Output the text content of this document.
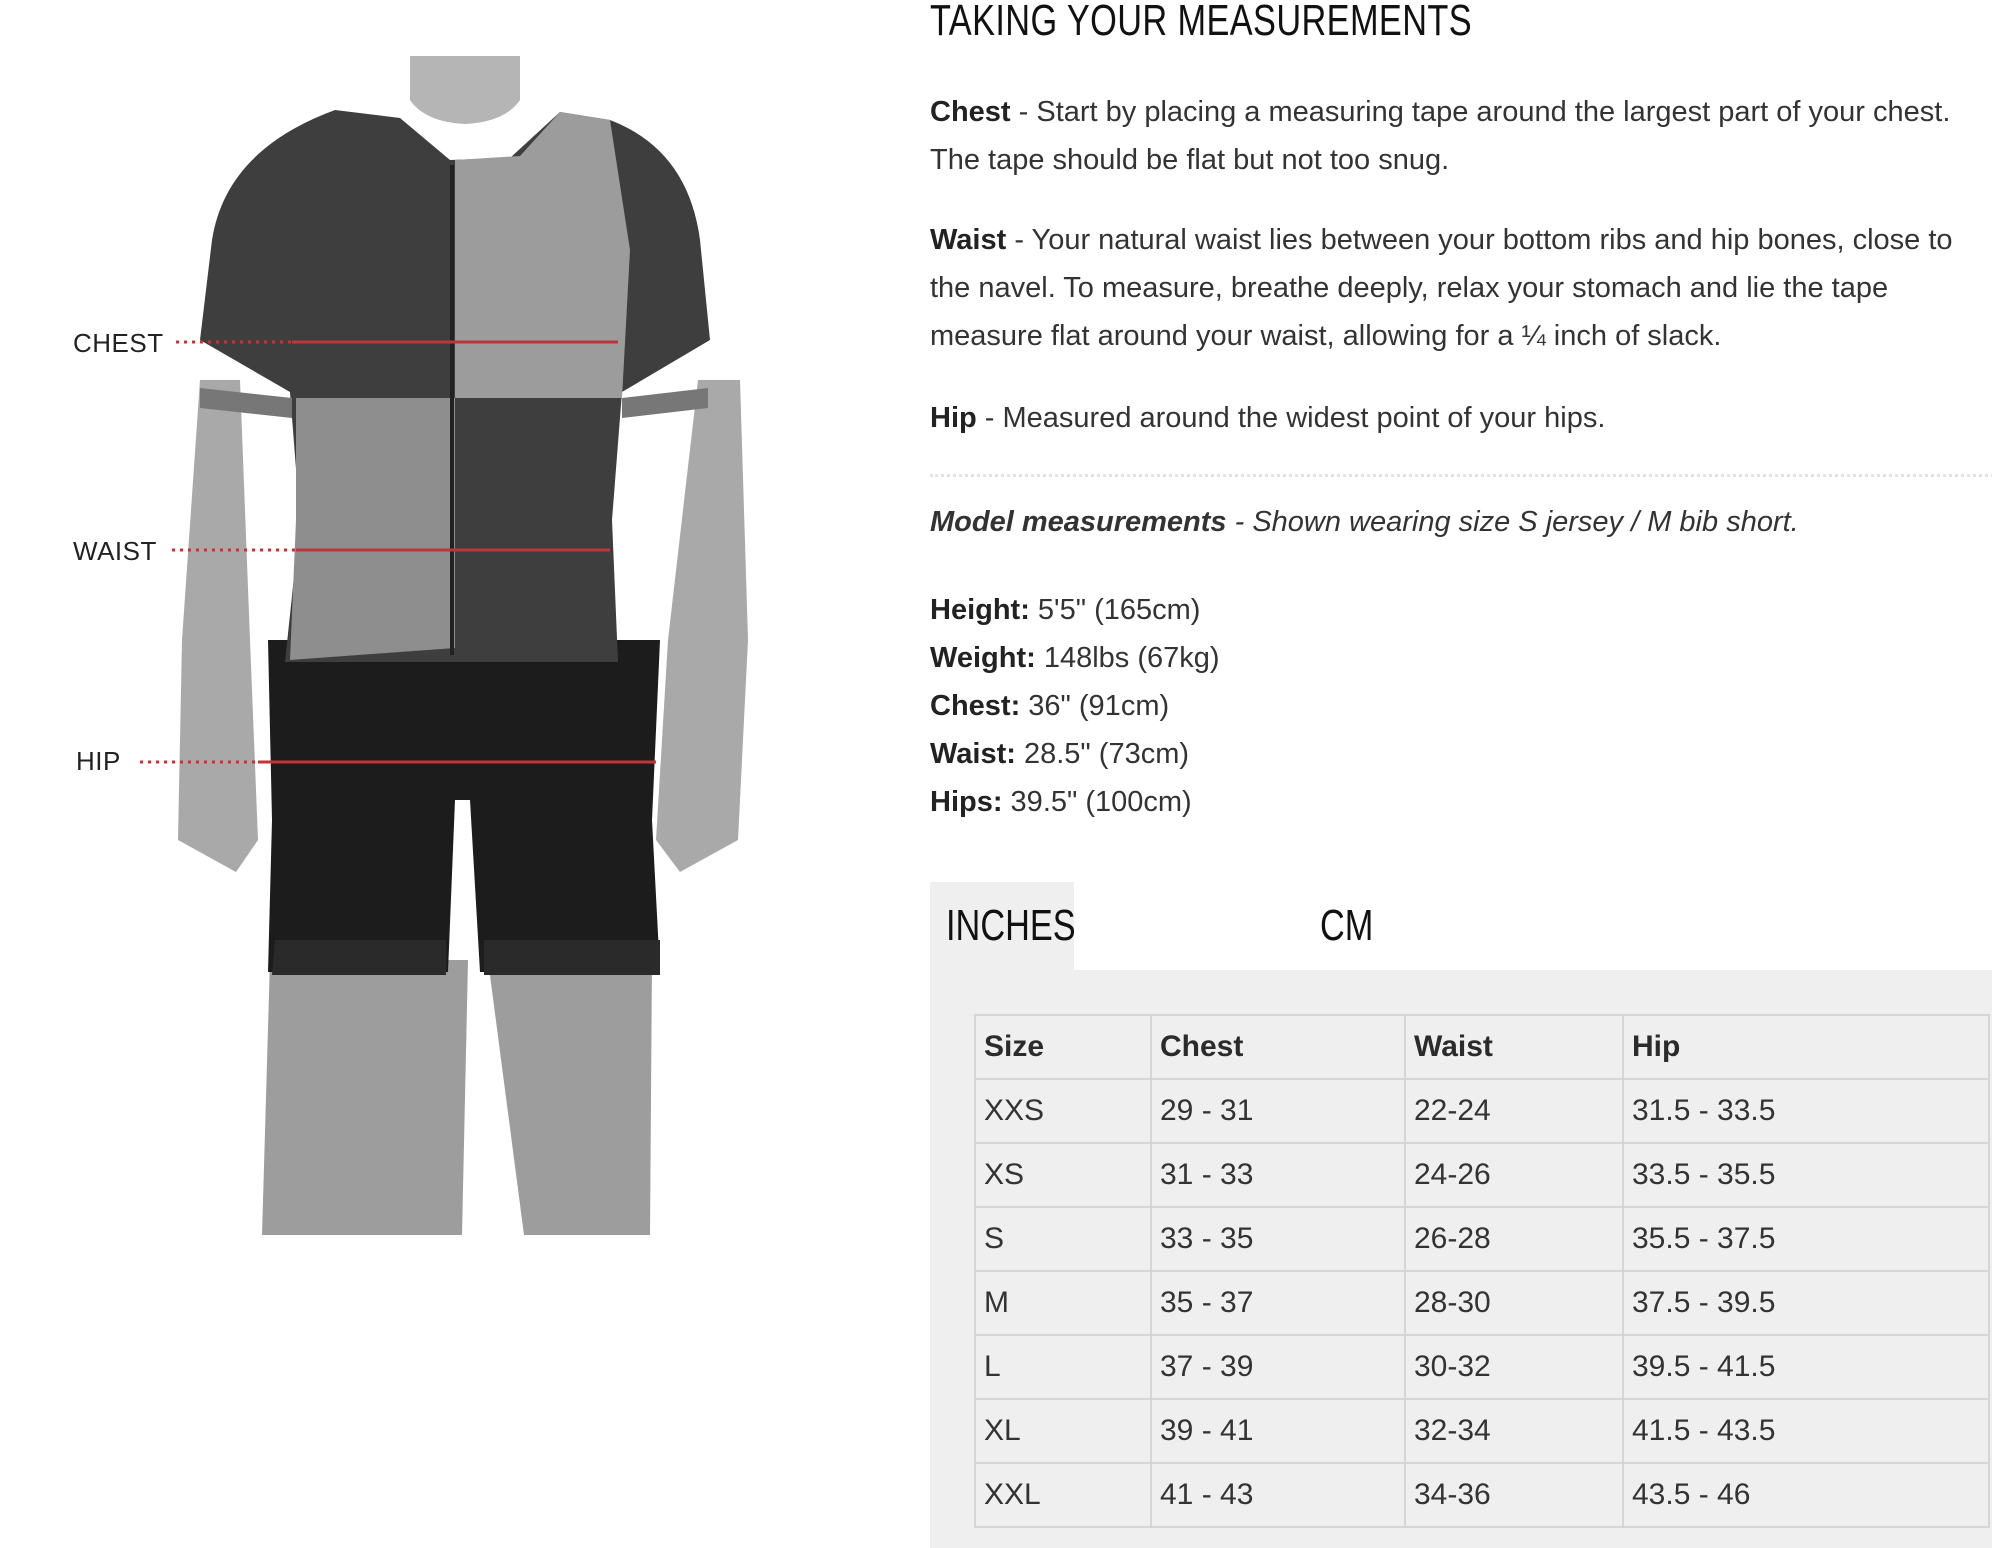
CHEST
WAIST
HIP
TAKING YOUR MEASUREMENTS
Chest - Start by placing a measuring tape around the largest part of your chest.
The tape should be flat but not too snug.
Waist - Your natural waist lies between your bottom ribs and hip bones, close to
the navel. To measure, breathe deeply, relax your stomach and lie the tape
measure flat around your waist, allowing for a ¼ inch of slack.
Hip - Measured around the widest point of your hips.

Model measurements - Shown wearing size S jersey / M bib short.

Height: 5'5" (165cm)
Weight: 148lbs (67kg)
Chest: 36" (91cm)
Waist: 28.5" (73cm)
Hips: 39.5" (100cm)
INCHES	CM
Size	Chest	Waist	Hip
XXS	29 - 31	22-24	31.5 - 33.5
XS	31 - 33	24-26	33.5 - 35.5
S	33 - 35	26-28	35.5 - 37.5
M	35 - 37	28-30	37.5 - 39.5
L	37 - 39	30-32	39.5 - 41.5
XL	39 - 41	32-34	41.5 - 43.5
XXL	41 - 43	34-36	43.5 - 46
